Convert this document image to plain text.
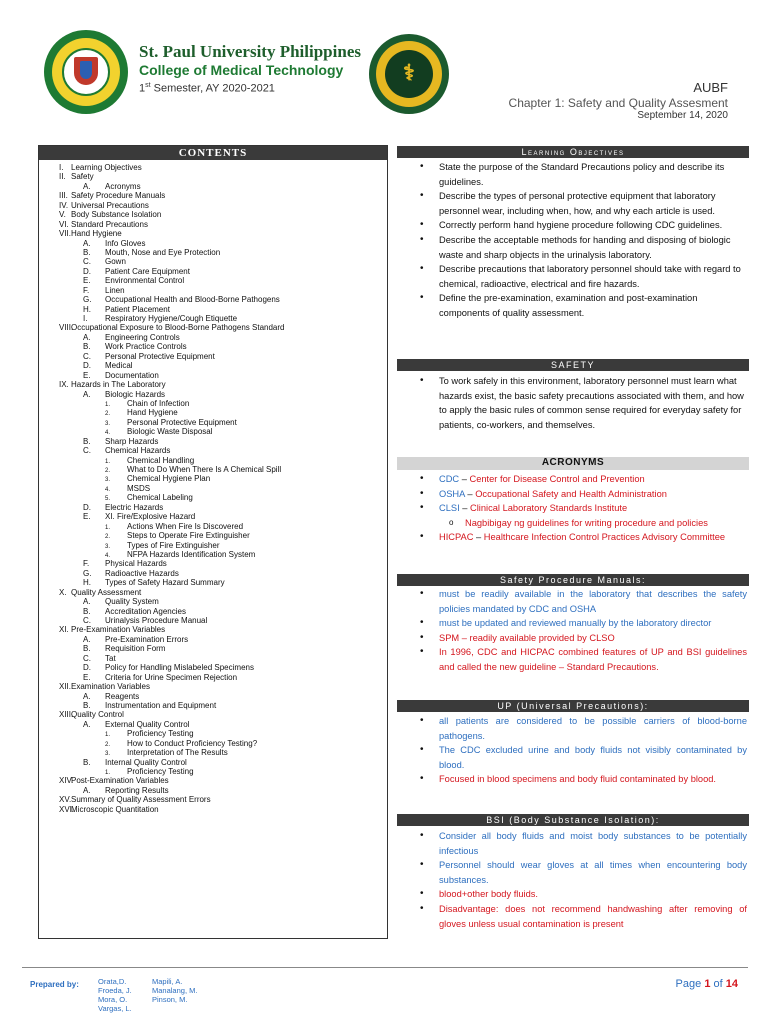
⚕
St. Paul University Philippines
College of Medical Technology
1st Semester, AY 2020-2021	AUBF
Chapter 1: Safety and Quality Assesment
September 14, 2020
CONTENTS
I. Learning Objectives
II. Safety
A. Acronyms
III. Safety Procedure Manuals
IV. Universal Precautions
V. Body Substance Isolation
VI. Standard Precautions
VII.Hand Hygiene
A. Info Gloves
B. Mouth, Nose and Eye Protection
C. Gown
D. Patient Care Equipment
E. Environmental Control
F. Linen
G. Occupational Health and Blood-Borne Pathogens
H. Patient Placement
I. Respiratory Hygiene/Cough Etiquette
VIII.Occupational Exposure to Blood-Borne Pathogens Standard
A. Engineering Controls
B. Work Practice Controls
C. Personal Protective Equipment
D. Medical
E. Documentation
IX. Hazards in The Laboratory
A. Biologic Hazards
1. Chain of Infection
2. Hand Hygiene
3. Personal Protective Equipment
4. Biologic Waste Disposal
B. Sharp Hazards
C. Chemical Hazards
1. Chemical Handling
2. What to Do When There Is A Chemical Spill
3. Chemical Hygiene Plan
4. MSDS
5. Chemical Labeling
D. Electric Hazards
E. XI. Fire/Explosive Hazard
1. Actions When Fire Is Discovered
2. Steps to Operate Fire Extinguisher
3. Types of Fire Extinguisher
4. NFPA Hazards Identification System
F. Physical Hazards
G. Radioactive Hazards
H. Types of Safety Hazard Summary
X. Quality Assessment
A. Quality System
B. Accreditation Agencies
C. Urinalysis Procedure Manual
XI. Pre-Examination Variables
A. Pre-Examination Errors
B. Requisition Form
C. Tat
D. Policy for Handling Mislabeled Specimens
E. Criteria for Urine Specimen Rejection
XII.Examination Variables
A. Reagents
B. Instrumentation and Equipment
XIII.Quality Control
A. External Quality Control
1. Proficiency Testing
2. How to Conduct Proficiency Testing?
3. Interpretation of The Results
B. Internal Quality Control
1. Proficiency Testing
XIV.Post-Examination Variables
A. Reporting Results
XV.Summary of Quality Assessment Errors
XVI.Microscopic Quantitation
Learning Objectives
• State the purpose of the Standard Precautions policy and describe its guidelines.
• Describe the types of personal protective equipment that laboratory personnel wear, including when, how, and why each article is used.
• Correctly perform hand hygiene procedure following CDC guidelines.
• Describe the acceptable methods for handing and disposing of biologic waste and sharp objects in the urinalysis laboratory.
• Describe precautions that laboratory personnel should take with regard to chemical, radioactive, electrical and fire hazards.
• Define the pre-examination, examination and post-examination components of quality assessment.
SAFETY
• To work safely in this environment, laboratory personnel must learn what hazards exist, the basic safety precautions associated with them, and how to apply the basic rules of common sense required for everyday safety for patients, co-workers, and themselves.
ACRONYMS
• CDC – Center for Disease Control and Prevention
• OSHA – Occupational Safety and Health Administration
• CLSI – Clinical Laboratory Standards Institute
o Nagbibigay ng guidelines for writing procedure and policies
• HICPAC – Healthcare Infection Control Practices Advisory Committee
Safety Procedure Manuals:
• must be readily available in the laboratory that describes the safety policies mandated by CDC and OSHA
• must be updated and reviewed manually by the laboratory director
• SPM – readily available provided by CLSO
• In 1996, CDC and HICPAC combined features of UP and BSI guidelines and called the new guideline – Standard Precautions.
UP (Universal Precautions):
• all patients are considered to be possible carriers of blood-borne pathogens.
• The CDC excluded urine and body fluids not visibly contaminated by blood.
• Focused in blood specimens and body fluid contaminated by blood.
BSI (Body Substance Isolation):
• Consider all body fluids and moist body substances to be potentially infectious
• Personnel should wear gloves at all times when encountering body substances.
• blood+other body fluids.
• Disadvantage: does not recommend handwashing after removing of gloves unless usual contamination is present
Prepared by:	Orata,D.
Froeda, J.
Mora, O.
Vargas, L.
Mapili, A.
Manalang, M.
Pinson, M.
Page 1 of 14
